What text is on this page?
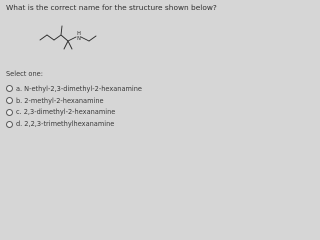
What is the correct name for the structure shown below?
H
N
Select one:
a. N-ethyl-2,3-dimethyl-2-hexanamine
b. 2-methyl-2-hexanamine
c. 2,3-dimethyl-2-hexanamine
d. 2,2,3-trimethylhexanamine
